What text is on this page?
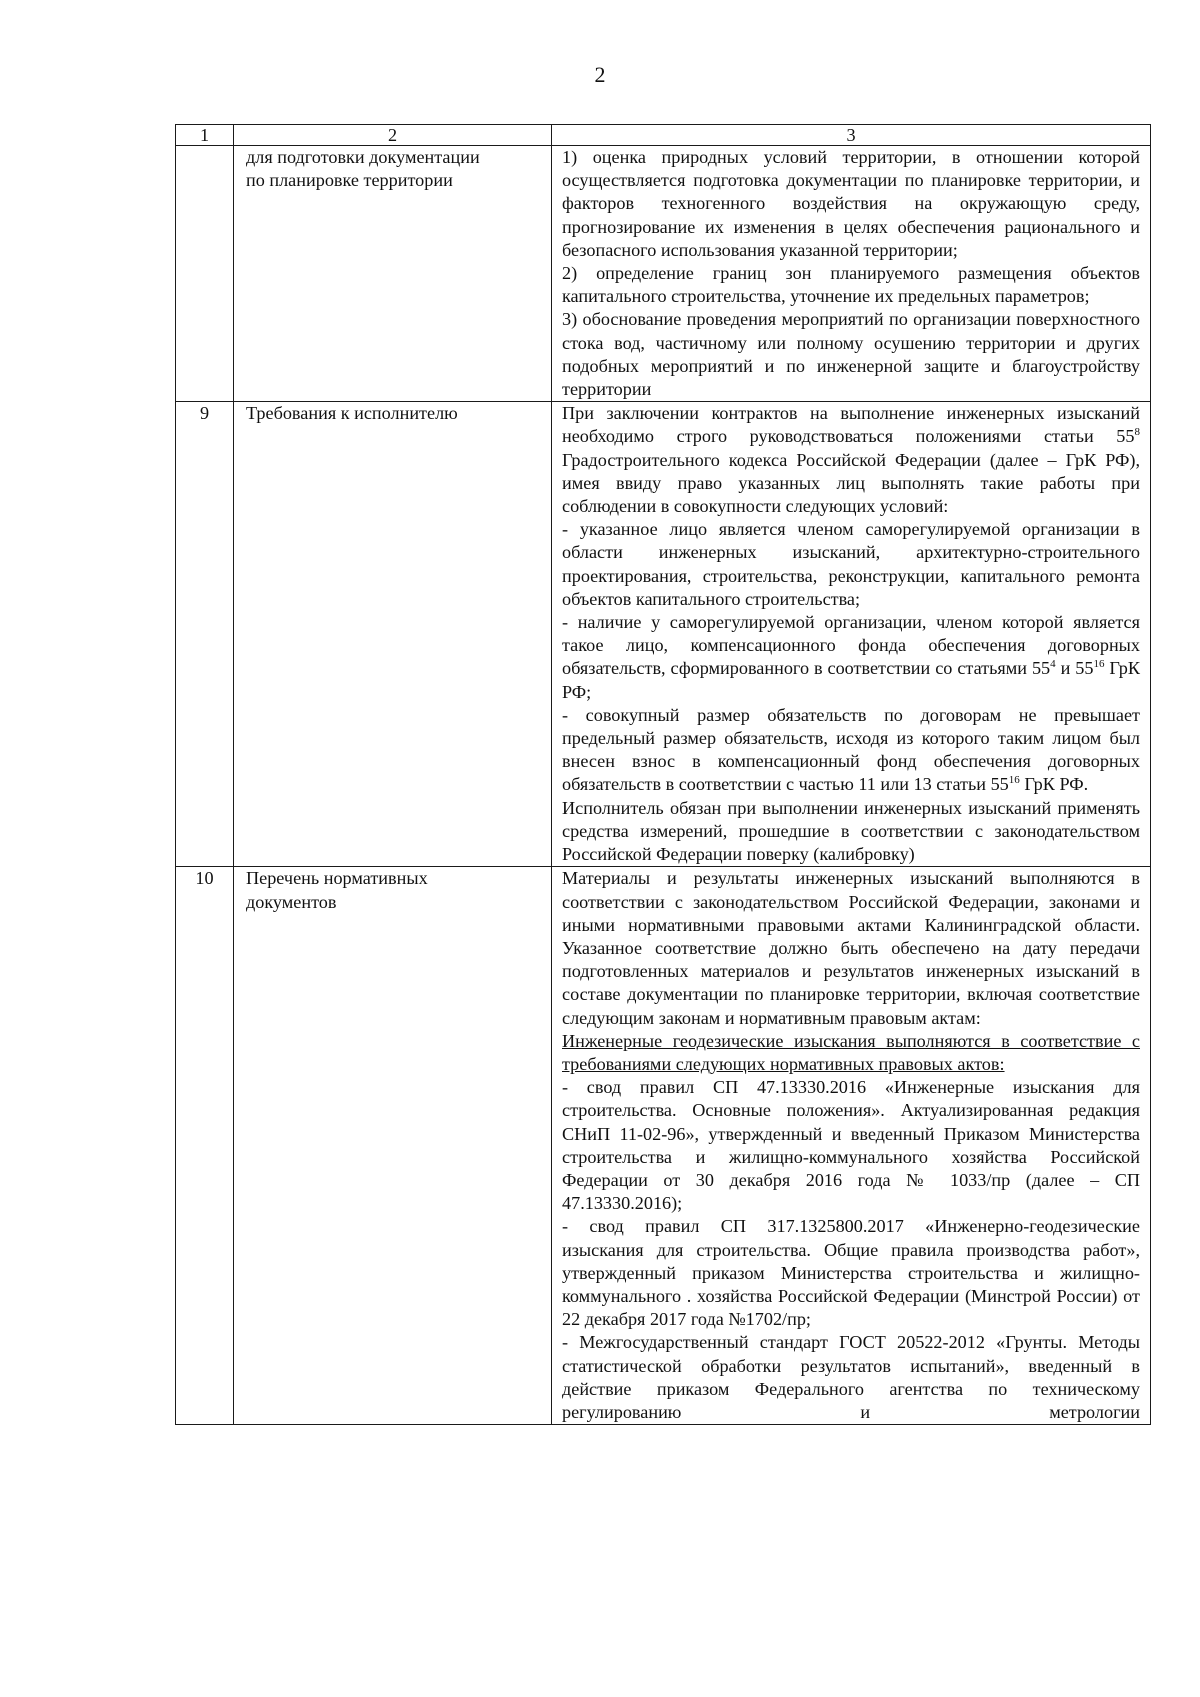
2
1	2	3

	для подготовки документации
по планировке территории	1) оценка природных условий территории, в отношении которой осуществляется подготовка документации по планировке территории, и факторов техногенного воздействия на окружающую среду, прогнозирование их изменения в целях обеспечения рационального и безопасного использования указанной территории;
2) определение границ зон планируемого размещения объектов капитального строительства, уточнение их предельных параметров;
3) обоснование проведения мероприятий по организации поверхностного стока вод, частичному или полному осушению территории и других подобных мероприятий и по инженерной защите и благоустройству территории

9	Требования к исполнителю	При заключении контрактов на выполнение инженерных изысканий необходимо строго руководствоваться положениями статьи $55^8$ Градостроительного кодекса Российской Федерации (далее – ГрК РФ), имея ввиду право указанных лиц выполнять такие работы при соблюдении в совокупности следующих условий:
- указанное лицо является членом саморегулируемой организации в области инженерных изысканий, архитектурно-строительного проектирования, строительства, реконструкции, капитального ремонта объектов капитального строительства;
- наличие у саморегулируемой организации, членом которой является такое лицо, компенсационного фонда обеспечения договорных обязательств, сформированного в соответствии со статьями $55^4$ и $55^{16}$ ГрК РФ;
- совокупный размер обязательств по договорам не превышает предельный размер обязательств, исходя из которого таким лицом был внесен взнос в компенсационный фонд обеспечения договорных обязательств в соответствии с частью 11 или 13 статьи $55^{16}$ ГрК РФ.
Исполнитель обязан при выполнении инженерных изысканий применять средства измерений, прошедшие в соответствии с законодательством Российской Федерации поверку (калибровку)

10	Перечень нормативных
документов	Материалы и результаты инженерных изысканий выполняются в соответствии с законодательством Российской Федерации, законами и иными нормативными правовыми актами Калининградской области. Указанное соответствие должно быть обеспечено на дату передачи подготовленных материалов и результатов инженерных изысканий в составе документации по планировке территории, включая соответствие следующим законам и нормативным правовым актам:
Инженерные геодезические изыскания выполняются в соответствие с требованиями следующих нормативных правовых актов:
- свод правил СП 47.13330.2016 «Инженерные изыскания для строительства. Основные положения». Актуализированная редакция СНиП 11-02-96», утвержденный и введенный Приказом Министерства строительства и жилищно-коммунального хозяйства Российской Федерации от 30 декабря 2016 года № 1033/пр (далее – СП 47.13330.2016);
- свод правил СП 317.1325800.2017 «Инженерно-геодезические изыскания для строительства. Общие правила производства работ», утвержденный приказом Министерства строительства и жилищно-коммунального . хозяйства Российской Федерации (Минстрой России) от 22 декабря 2017 года №1702/пр;
- Межгосударственный стандарт ГОСТ 20522-2012 «Грунты. Методы статистической обработки результатов испытаний», введенный в действие приказом Федерального агентства по техническому регулированию и метрологии
